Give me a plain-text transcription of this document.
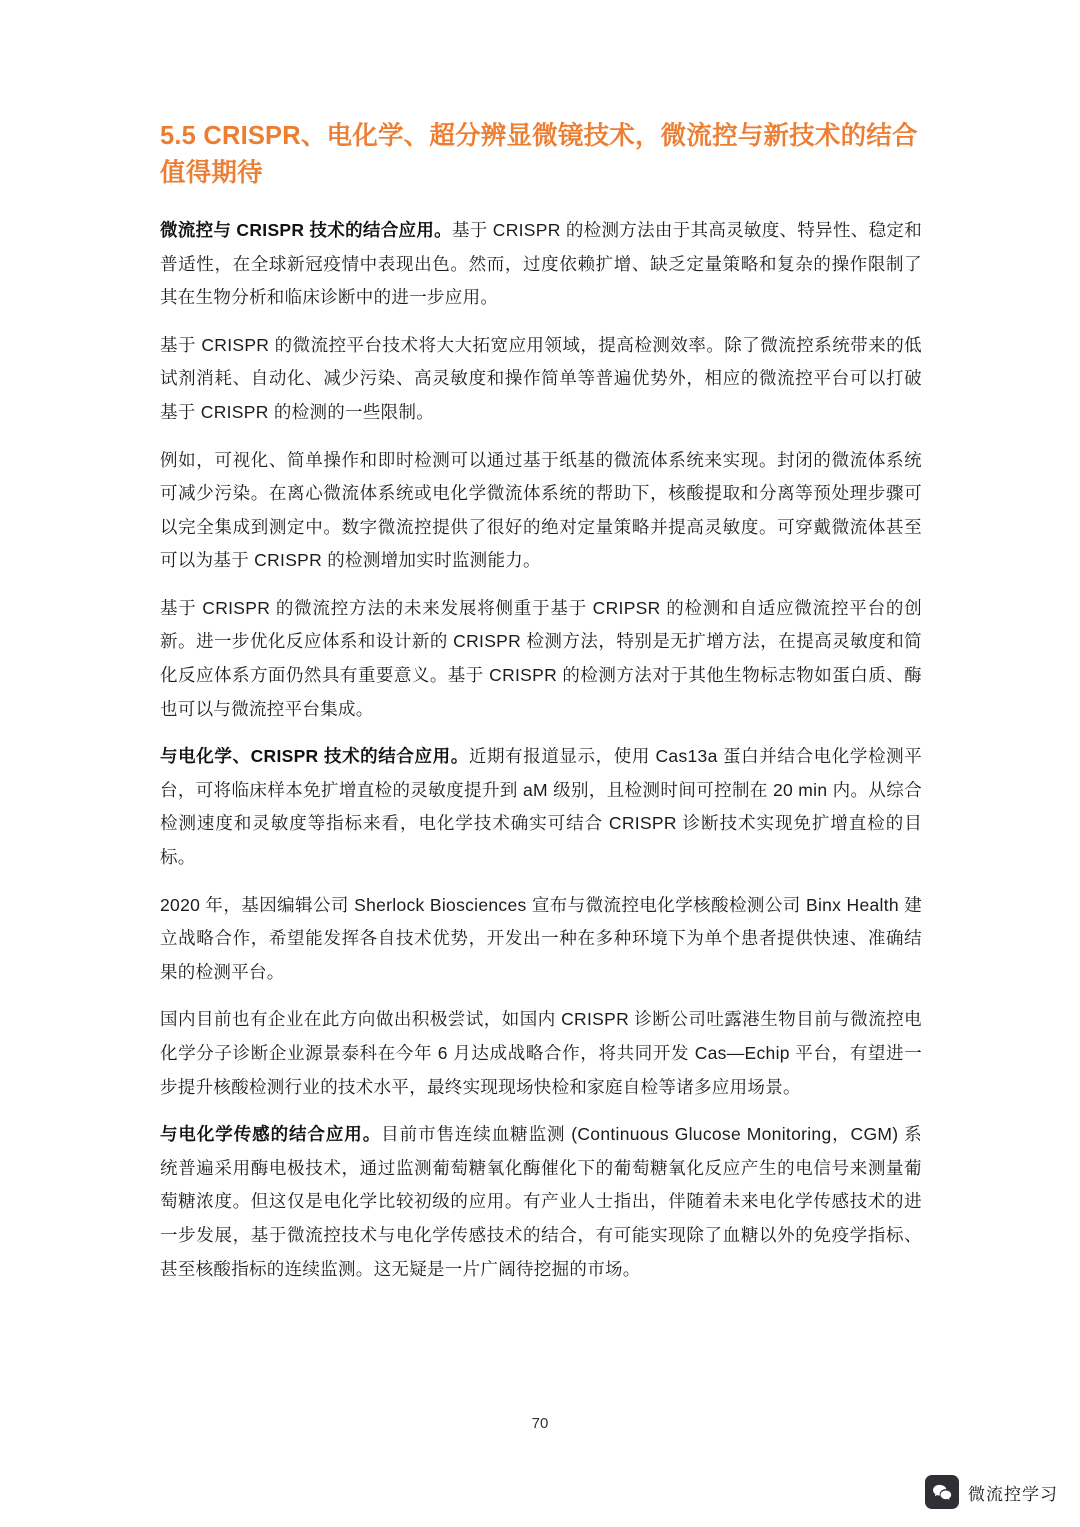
5.5 CRISPR、电化学、超分辨显微镜技术，微流控与新技术的结合值得期待

微流控与 CRISPR 技术的结合应用。基于 CRISPR 的检测方法由于其高灵敏度、特异性、稳定和普适性，在全球新冠疫情中表现出色。然而，过度依赖扩增、缺乏定量策略和复杂的操作限制了其在生物分析和临床诊断中的进一步应用。

基于 CRISPR 的微流控平台技术将大大拓宽应用领域，提高检测效率。除了微流控系统带来的低试剂消耗、自动化、减少污染、高灵敏度和操作简单等普遍优势外，相应的微流控平台可以打破基于 CRISPR 的检测的一些限制。

例如，可视化、简单操作和即时检测可以通过基于纸基的微流体系统来实现。封闭的微流体系统可减少污染。在离心微流体系统或电化学微流体系统的帮助下，核酸提取和分离等预处理步骤可以完全集成到测定中。数字微流控提供了很好的绝对定量策略并提高灵敏度。可穿戴微流体甚至可以为基于 CRISPR 的检测增加实时监测能力。

基于 CRISPR 的微流控方法的未来发展将侧重于基于 CRIPSR 的检测和自适应微流控平台的创新。进一步优化反应体系和设计新的 CRISPR 检测方法，特别是无扩增方法，在提高灵敏度和简化反应体系方面仍然具有重要意义。基于 CRISPR 的检测方法对于其他生物标志物如蛋白质、酶也可以与微流控平台集成。

与电化学、CRISPR 技术的结合应用。近期有报道显示，使用 Cas13a 蛋白并结合电化学检测平台，可将临床样本免扩增直检的灵敏度提升到 aM 级别，且检测时间可控制在 20 min 内。从综合检测速度和灵敏度等指标来看，电化学技术确实可结合 CRISPR 诊断技术实现免扩增直检的目标。

2020 年，基因编辑公司 Sherlock Biosciences 宣布与微流控电化学核酸检测公司 Binx Health 建立战略合作，希望能发挥各自技术优势，开发出一种在多种环境下为单个患者提供快速、准确结果的检测平台。

国内目前也有企业在此方向做出积极尝试，如国内 CRISPR 诊断公司吐露港生物目前与微流控电化学分子诊断企业源景泰科在今年 6 月达成战略合作，将共同开发 Cas—Echip 平台，有望进一步提升核酸检测行业的技术水平，最终实现现场快检和家庭自检等诸多应用场景。

与电化学传感的结合应用。目前市售连续血糖监测 (Continuous Glucose Monitoring，CGM) 系统普遍采用酶电极技术，通过监测葡萄糖氧化酶催化下的葡萄糖氧化反应产生的电信号来测量葡萄糖浓度。但这仅是电化学比较初级的应用。有产业人士指出，伴随着未来电化学传感技术的进一步发展，基于微流控技术与电化学传感技术的结合，有可能实现除了血糖以外的免疫学指标、甚至核酸指标的连续监测。这无疑是一片广阔待挖掘的市场。

70
微流控学习
